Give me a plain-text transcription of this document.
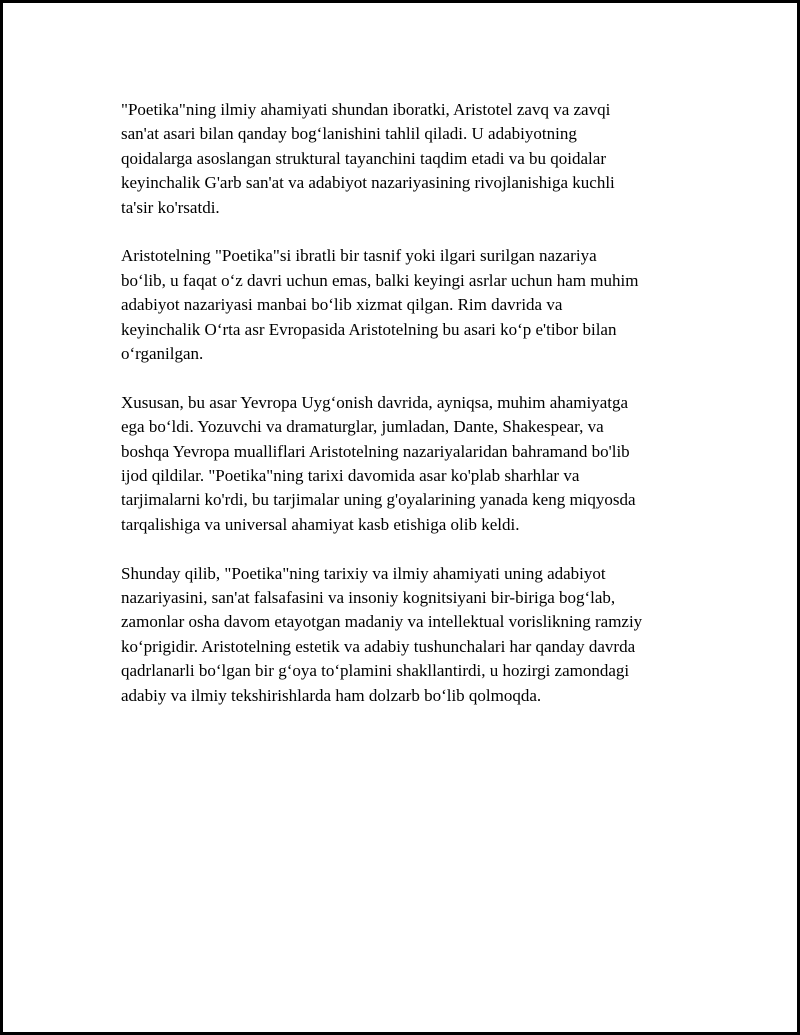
"Poetika"ning ilmiy ahamiyati shundan iboratki, Aristotel zavq va zavqi
san'at asari bilan qanday bog‘lanishini tahlil qiladi. U adabiyotning
qoidalarga asoslangan struktural tayanchini taqdim etadi va bu qoidalar
keyinchalik G'arb san'at va adabiyot nazariyasining rivojlanishiga kuchli
ta'sir ko'rsatdi.

Aristotelning "Poetika"si ibratli bir tasnif yoki ilgari surilgan nazariya
bo‘lib, u faqat o‘z davri uchun emas, balki keyingi asrlar uchun ham muhim
adabiyot nazariyasi manbai bo‘lib xizmat qilgan. Rim davrida va
keyinchalik O‘rta asr Evropasida Aristotelning bu asari ko‘p e'tibor bilan
o‘rganilgan.

Xususan, bu asar Yevropa Uyg‘onish davrida, ayniqsa, muhim ahamiyatga
ega bo‘ldi. Yozuvchi va dramaturglar, jumladan, Dante, Shakespear, va
boshqa Yevropa mualliflari Aristotelning nazariyalaridan bahramand bo'lib
ijod qildilar. "Poetika"ning tarixi davomida asar ko'plab sharhlar va
tarjimalarni ko'rdi, bu tarjimalar uning g'oyalarining yanada keng miqyosda
tarqalishiga va universal ahamiyat kasb etishiga olib keldi.

Shunday qilib, "Poetika"ning tarixiy va ilmiy ahamiyati uning adabiyot
nazariyasini, san'at falsafasini va insoniy kognitsiyani bir-biriga bog‘lab,
zamonlar osha davom etayotgan madaniy va intellektual vorislikning ramziy
ko‘prigidir. Aristotelning estetik va adabiy tushunchalari har qanday davrda
qadrlanarli bo‘lgan bir g‘oya to‘plamini shakllantirdi, u hozirgi zamondagi
adabiy va ilmiy tekshirishlarda ham dolzarb bo‘lib qolmoqda.
